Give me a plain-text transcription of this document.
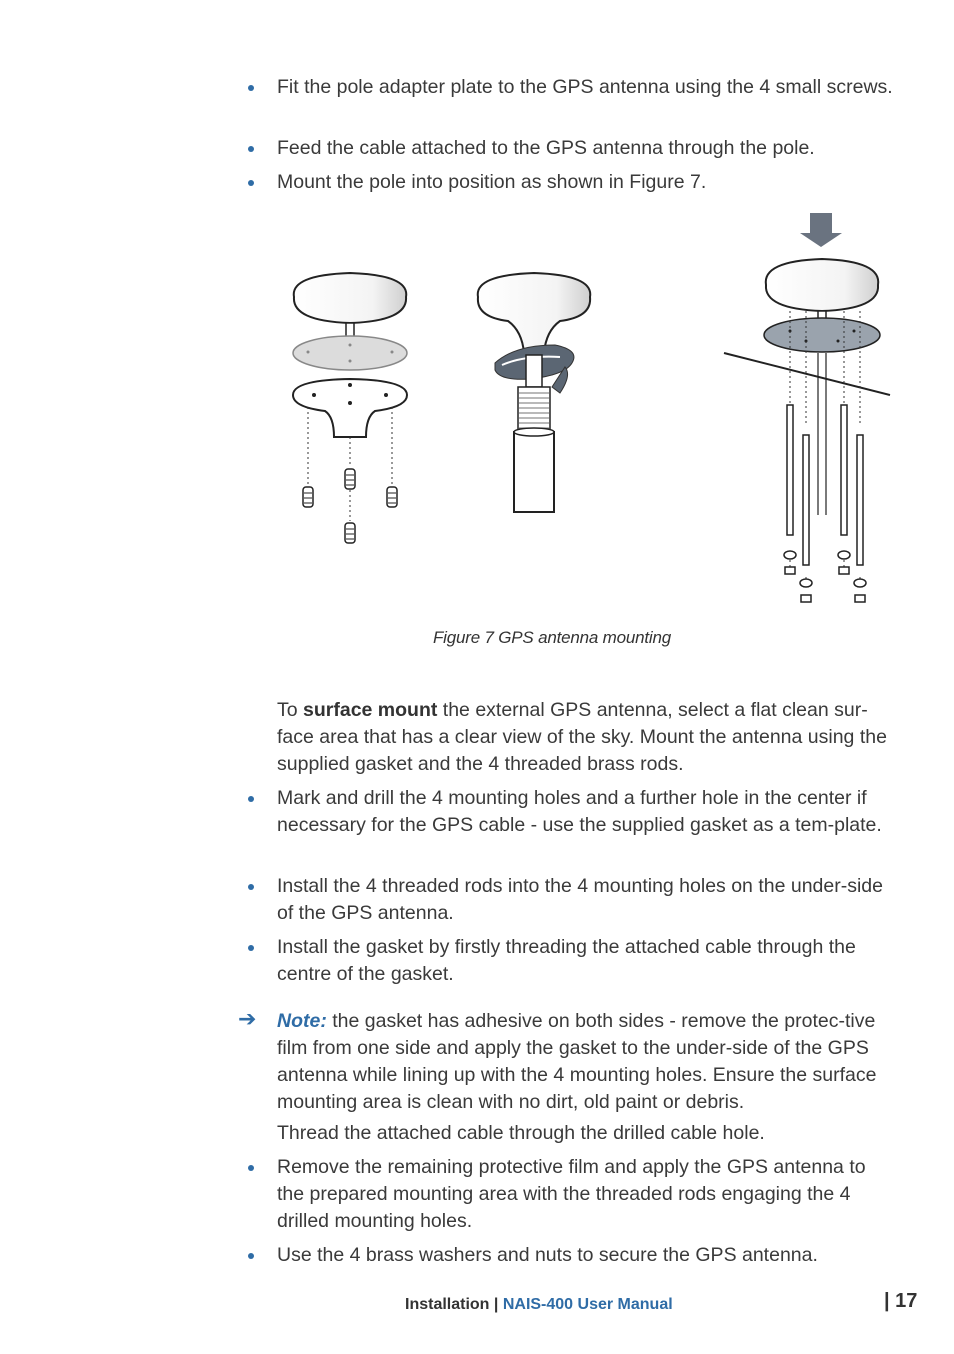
Fit the pole adapter plate to the GPS antenna using the 4 small screws.
Feed the cable attached to the GPS antenna through the pole.
Mount the pole into position as shown in Figure 7.
Figure 7 GPS antenna mounting
To surface mount the external GPS antenna, select a flat clean sur-face area that has a clear view of the sky. Mount the antenna using the supplied gasket and the 4 threaded brass rods.
Mark and drill the 4 mounting holes and a further hole in the center if necessary for the GPS cable - use the supplied gasket as a tem-plate.
Install the 4 threaded rods into the 4 mounting holes on the under-side of the GPS antenna.
Install the gasket by firstly threading the attached cable through the centre of the gasket.
➔ Note: the gasket has adhesive on both sides - remove the protec-tive film from one side and apply the gasket to the under-side of the GPS antenna while lining up with the 4 mounting holes. Ensure the surface mounting area is clean with no dirt, old paint or debris.
Thread the attached cable through the drilled cable hole.
Remove the remaining protective film and apply the GPS antenna to the prepared mounting area with the threaded rods engaging the 4 drilled mounting holes.
Use the 4 brass washers and nuts to secure the GPS antenna.
Installation | NAIS-400 User Manual	| 17
